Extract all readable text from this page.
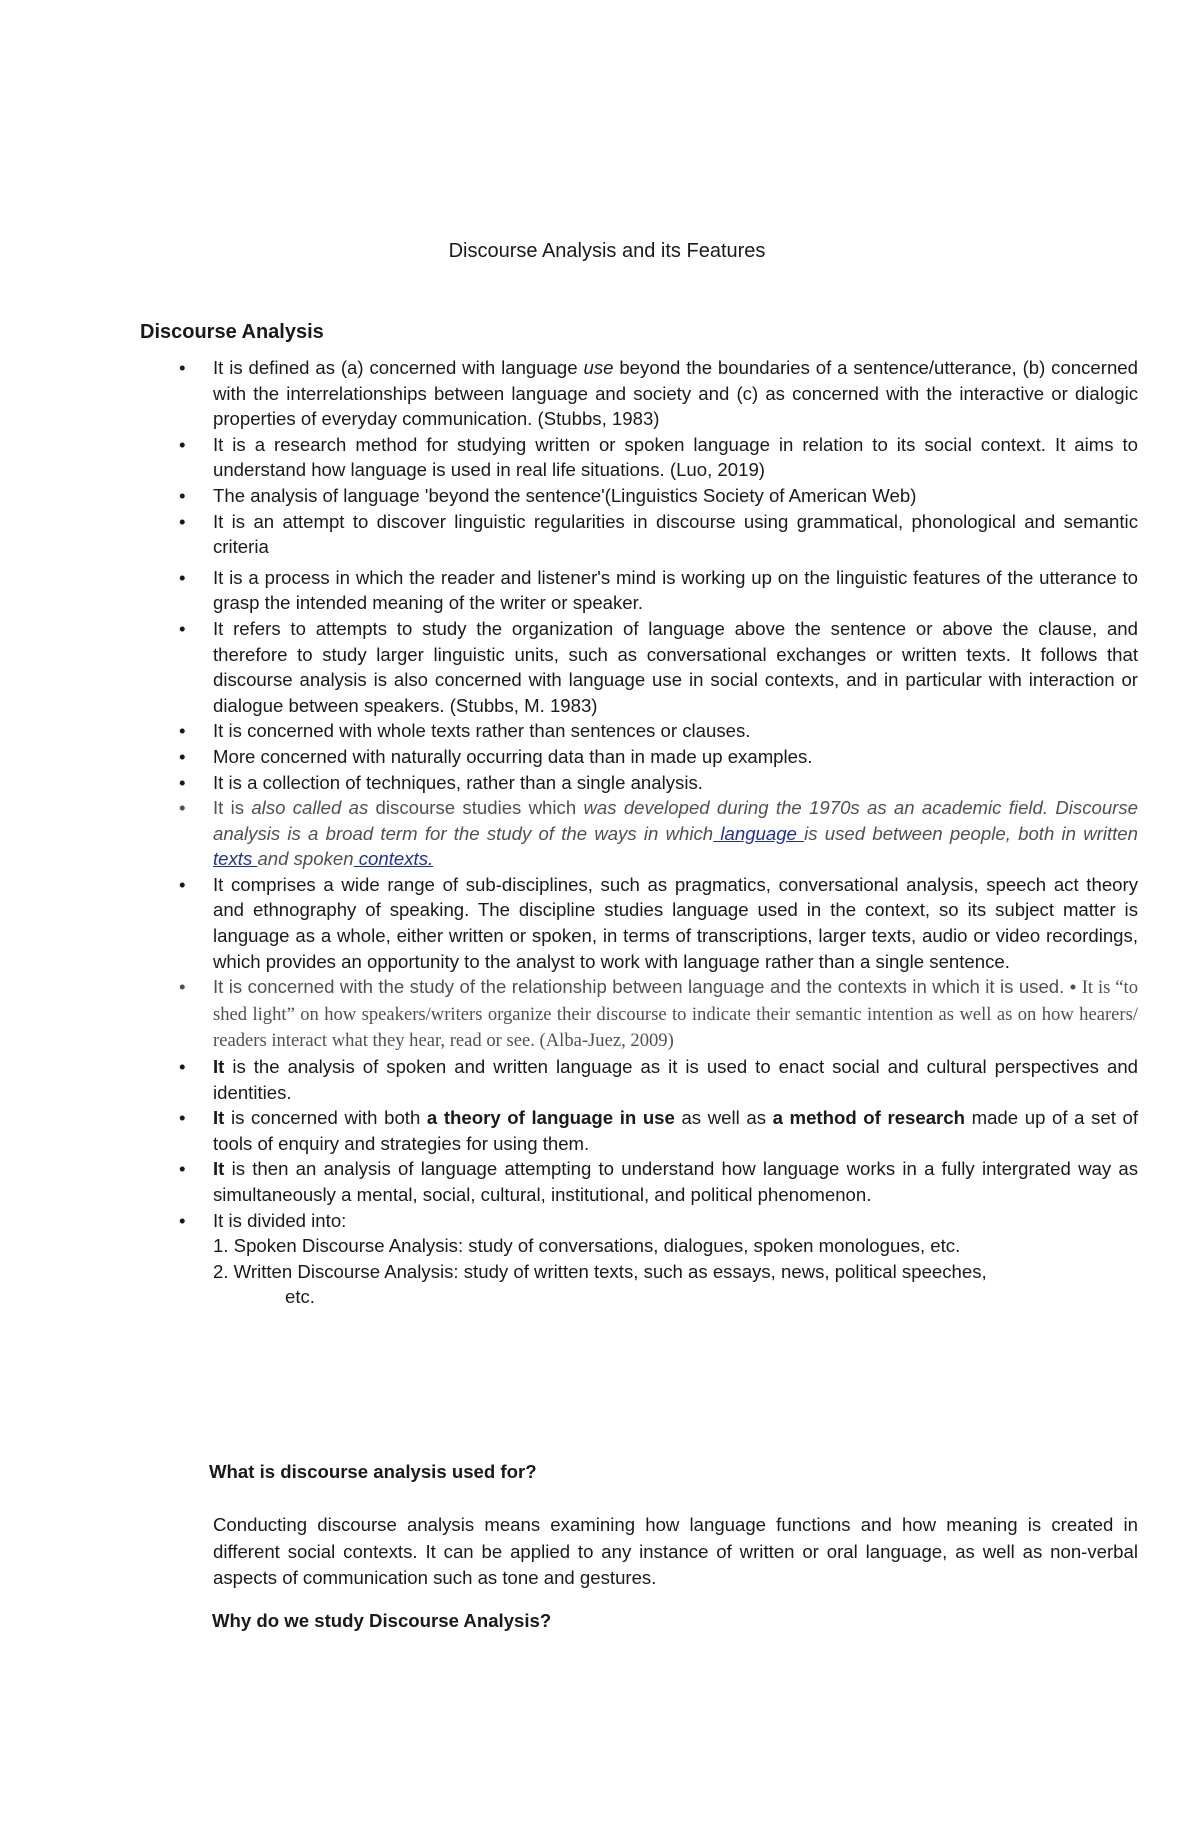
Discourse Analysis and its Features
Discourse Analysis
• It is defined as (a) concerned with language use beyond the boundaries of a sentence/utterance, (b) concerned with the interrelationships between language and society and (c) as concerned with the interactive or dialogic properties of everyday communication. (Stubbs, 1983)
• It is a research method for studying written or spoken language in relation to its social context. It aims to understand how language is used in real life situations. (Luo, 2019)
• The analysis of language 'beyond the sentence'(Linguistics Society of American Web)
• It is an attempt to discover linguistic regularities in discourse using grammatical, phonological and semantic criteria
• It is a process in which the reader and listener's mind is working up on the linguistic features of the utterance to grasp the intended meaning of the writer or speaker.
• It refers to attempts to study the organization of language above the sentence or above the clause, and therefore to study larger linguistic units, such as conversational exchanges or written texts. It follows that discourse analysis is also concerned with language use in social contexts, and in particular with interaction or dialogue between speakers. (Stubbs, M. 1983)
• It is concerned with whole texts rather than sentences or clauses.
• More concerned with naturally occurring data than in made up examples.
• It is a collection of techniques, rather than a single analysis.
• It is also called as discourse studies which was developed during the 1970s as an academic field. Discourse analysis is a broad term for the study of the ways in which language is used between people, both in written texts and spoken contexts.
• It comprises a wide range of sub-disciplines, such as pragmatics, conversational analysis, speech act theory and ethnography of speaking. The discipline studies language used in the context, so its subject matter is language as a whole, either written or spoken, in terms of transcriptions, larger texts, audio or video recordings, which provides an opportunity to the analyst to work with language rather than a single sentence.
• It is concerned with the study of the relationship between language and the contexts in which it is used. • It is “to shed light” on how speakers/writers organize their discourse to indicate their semantic intention as well as on how hearers/ readers interact what they hear, read or see. (Alba-Juez, 2009)
• It is the analysis of spoken and written language as it is used to enact social and cultural perspectives and identities.
• It is concerned with both a theory of language in use as well as a method of research made up of a set of tools of enquiry and strategies for using them.
• It is then an analysis of language attempting to understand how language works in a fully intergrated way as simultaneously a mental, social, cultural, institutional, and political phenomenon.
• It is divided into:
1. Spoken Discourse Analysis: study of conversations, dialogues, spoken monologues, etc.
2. Written Discourse Analysis: study of written texts, such as essays, news, political speeches,
etc.
What is discourse analysis used for?

Conducting discourse analysis means examining how language functions and how meaning is created in different social contexts. It can be applied to any instance of written or oral language, as well as non-verbal aspects of communication such as tone and gestures.

Why do we study Discourse Analysis?
